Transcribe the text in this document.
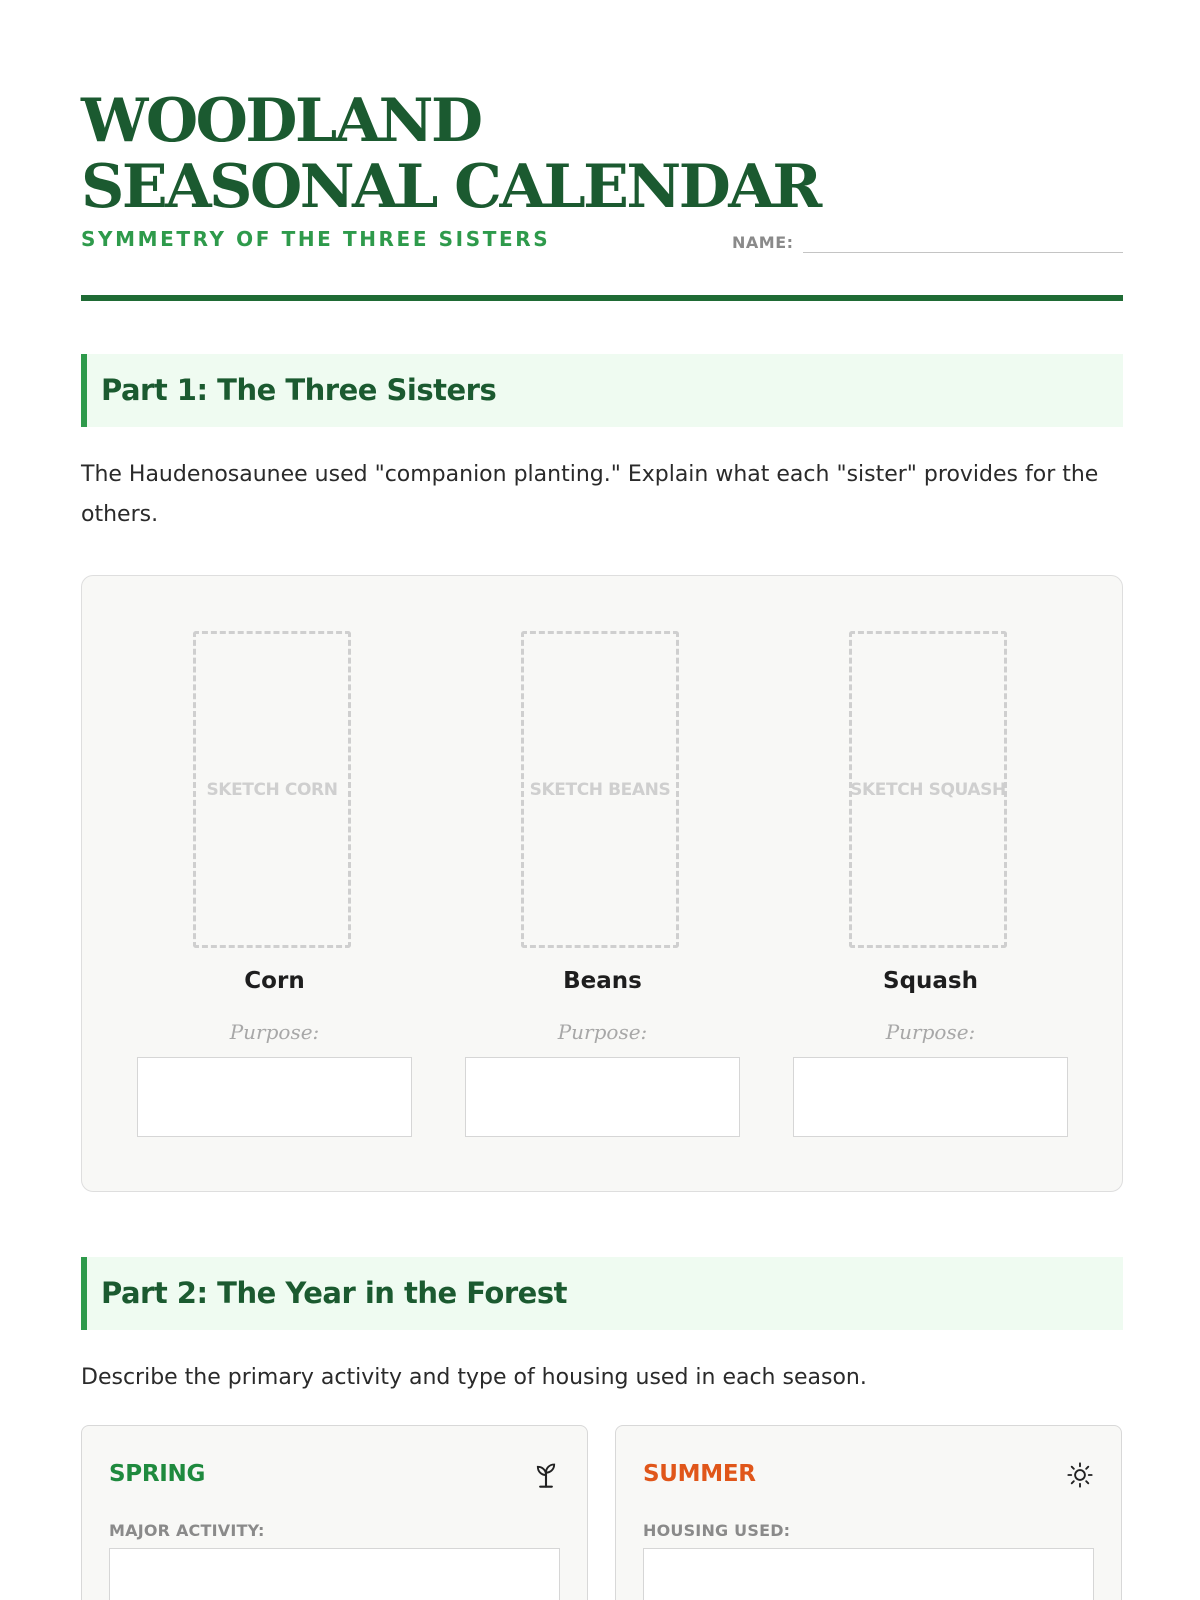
WOODLAND
SEASONAL CALENDAR
SYMMETRY OF THE THREE SISTERS	NAME:
Part 1: The Three Sisters
The Haudenosaunee used "companion planting." Explain what each "sister" provides for the others.
SKETCH CORN
Corn
Purpose:
SKETCH BEANS
Beans
Purpose:
SKETCH SQUASH
Squash
Purpose:
Part 2: The Year in the Forest
Describe the primary activity and type of housing used in each season.
SPRING
MAJOR ACTIVITY:
SUMMER
HOUSING USED:
